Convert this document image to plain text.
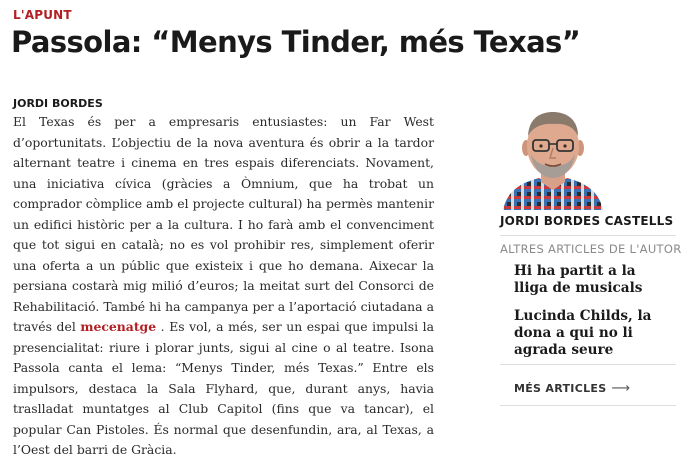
L'APUNT
Passola: “Menys Tinder, més Texas”
JORDI BORDES

El Texas és per a empresaris entusiastes: un Far West d’oportunitats. L’objectiu de la nova aventura és obrir a la tardor alternant teatre i cinema en tres espais diferenciats. Novament, una iniciativa cívica (gràcies a Òmnium, que ha trobat un comprador còmplice amb el projecte cultural) ha permès mantenir un edifici històric per a la cultura. I ho farà amb el convenciment que tot sigui en català; no es vol prohibir res, simplement oferir una oferta a un públic que existeix i que ho demana. Aixecar la persiana costarà mig milió d’euros; la meitat surt del Consorci de Rehabilitació. També hi ha campanya per a l’aportació ciutadana a través del mecenatge . Es vol, a més, ser un espai que impulsi la presencialitat: riure i plorar junts, sigui al cine o al teatre. Isona Passola canta el lema: “Menys Tinder, més Texas.” Entre els impulsors, destaca la Sala Flyhard, que, durant anys, havia traslladat muntatges al Club Capitol (fins que va tancar), el popular Can Pistoles. És normal que desenfundin, ara, al Texas, a l’Oest del barri de Gràcia.

JORDI BORDES CASTELLS
ALTRES ARTICLES DE L'AUTOR
Hi ha partit a la lliga de musicals
Lucinda Childs, la dona a qui no li agrada seure
MÉS ARTICLES ⟶
